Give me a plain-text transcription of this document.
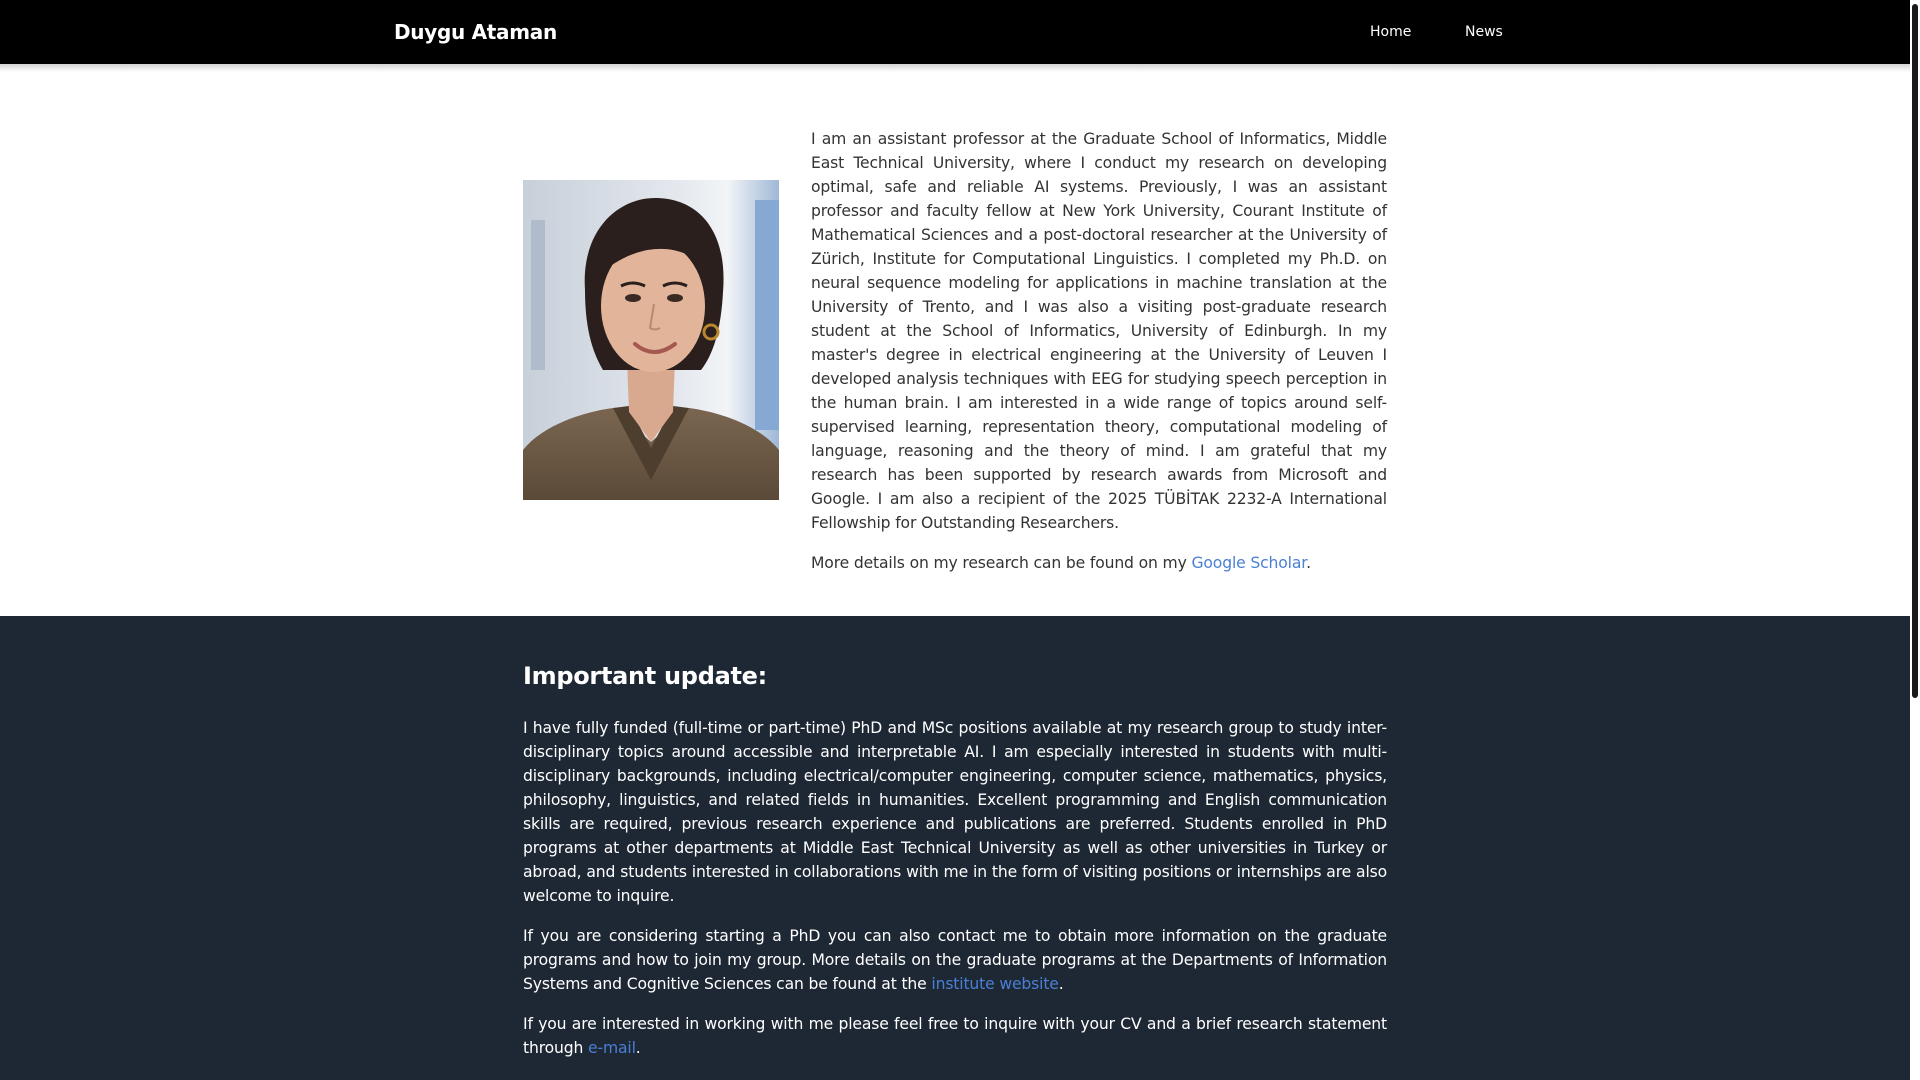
Duygu Ataman	Home	News

I am an assistant professor at the Graduate School of Informatics, Middle East Technical University, where I conduct my research on developing optimal, safe and reliable AI systems. Previously, I was an assistant professor and faculty fellow at New York University, Courant Institute of Mathematical Sciences and a post-doctoral researcher at the University of Zürich, Institute for Computational Linguistics. I completed my Ph.D. on neural sequence modeling for applications in machine translation at the University of Trento, and I was also a visiting post-graduate research student at the School of Informatics, University of Edinburgh. In my master's degree in electrical engineering at the University of Leuven I developed analysis techniques with EEG for studying speech perception in the human brain. I am interested in a wide range of topics around self-supervised learning, representation theory, computational modeling of language, reasoning and the theory of mind. I am grateful that my research has been supported by research awards from Microsoft and Google. I am also a recipient of the 2025 TÜBİTAK 2232-A International Fellowship for Outstanding Researchers.

More details on my research can be found on my Google Scholar.

Important update:

I have fully funded (full-time or part-time) PhD and MSc positions available at my research group to study inter-disciplinary topics around accessible and interpretable AI. I am especially interested in students with multi-disciplinary backgrounds, including electrical/computer engineering, computer science, mathematics, physics, philosophy, linguistics, and related fields in humanities. Excellent programming and English communication skills are required, previous research experience and publications are preferred. Students enrolled in PhD programs at other departments at Middle East Technical University as well as other universities in Turkey or abroad, and students interested in collaborations with me in the form of visiting positions or internships are also welcome to inquire.

If you are considering starting a PhD you can also contact me to obtain more information on the graduate programs and how to join my group. More details on the graduate programs at the Departments of Information Systems and Cognitive Sciences can be found at the institute website.

If you are interested in working with me please feel free to inquire with your CV and a brief research statement through e-mail.
